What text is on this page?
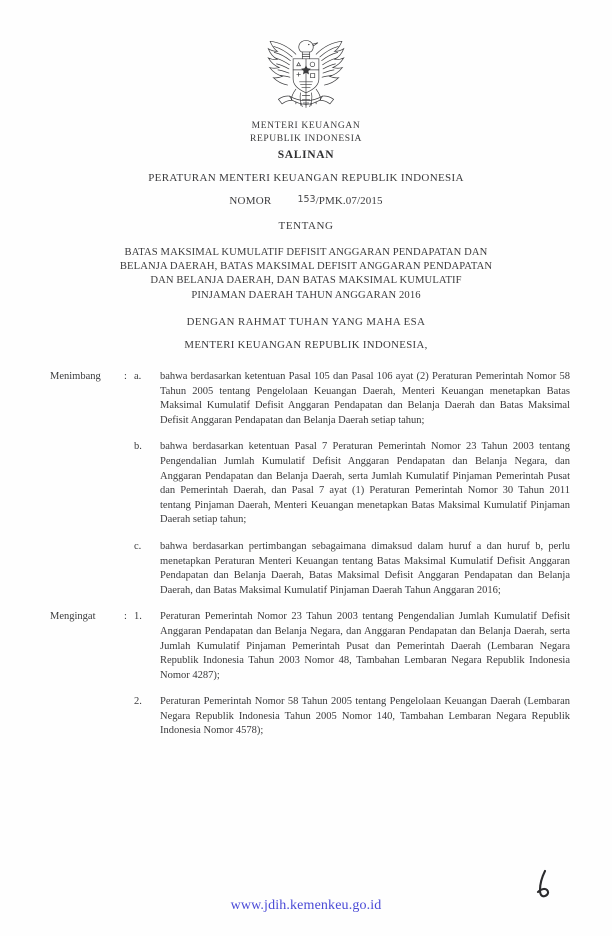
MENTERI KEUANGAN
REPUBLIK INDONESIA
SALINAN
PERATURAN MENTERI KEUANGAN REPUBLIK INDONESIA
NOMOR	153/PMK.07/2015
TENTANG
BATAS MAKSIMAL KUMULATIF DEFISIT ANGGARAN PENDAPATAN DAN
BELANJA DAERAH, BATAS MAKSIMAL DEFISIT ANGGARAN PENDAPATAN
DAN BELANJA DAERAH, DAN BATAS MAKSIMAL KUMULATIF
PINJAMAN DAERAH TAHUN ANGGARAN 2016
DENGAN RAHMAT TUHAN YANG MAHA ESA
MENTERI KEUANGAN REPUBLIK INDONESIA,
Menimbang	: a.	bahwa berdasarkan ketentuan Pasal 105 dan Pasal 106 ayat (2) Peraturan Pemerintah Nomor 58 Tahun 2005 tentang Pengelolaan Keuangan Daerah, Menteri Keuangan menetapkan Batas Maksimal Kumulatif Defisit Anggaran Pendapatan dan Belanja Daerah dan Batas Maksimal Defisit Anggaran Pendapatan dan Belanja Daerah setiap tahun;
b.	bahwa berdasarkan ketentuan Pasal 7 Peraturan Pemerintah Nomor 23 Tahun 2003 tentang Pengendalian Jumlah Kumulatif Defisit Anggaran Pendapatan dan Belanja Negara, dan Anggaran Pendapatan dan Belanja Daerah, serta Jumlah Kumulatif Pinjaman Pemerintah Pusat dan Pemerintah Daerah, dan Pasal 7 ayat (1) Peraturan Pemerintah Nomor 30 Tahun 2011 tentang Pinjaman Daerah, Menteri Keuangan menetapkan Batas Maksimal Kumulatif Pinjaman Daerah setiap tahun;
c.	bahwa berdasarkan pertimbangan sebagaimana dimaksud dalam huruf a dan huruf b, perlu menetapkan Peraturan Menteri Keuangan tentang Batas Maksimal Kumulatif Defisit Anggaran Pendapatan dan Belanja Daerah, Batas Maksimal Defisit Anggaran Pendapatan dan Belanja Daerah, dan Batas Maksimal Kumulatif Pinjaman Daerah Tahun Anggaran 2016;
Mengingat	: 1.	Peraturan Pemerintah Nomor 23 Tahun 2003 tentang Pengendalian Jumlah Kumulatif Defisit Anggaran Pendapatan dan Belanja Negara, dan Anggaran Pendapatan dan Belanja Daerah, serta Jumlah Kumulatif Pinjaman Pemerintah Pusat dan Pemerintah Daerah (Lembaran Negara Republik Indonesia Tahun 2003 Nomor 48, Tambahan Lembaran Negara Republik Indonesia Nomor 4287);
2.	Peraturan Pemerintah Nomor 58 Tahun 2005 tentang Pengelolaan Keuangan Daerah (Lembaran Negara Republik Indonesia Tahun 2005 Nomor 140, Tambahan Lembaran Negara Republik Indonesia Nomor 4578);
www.jdih.kemenkeu.go.id
